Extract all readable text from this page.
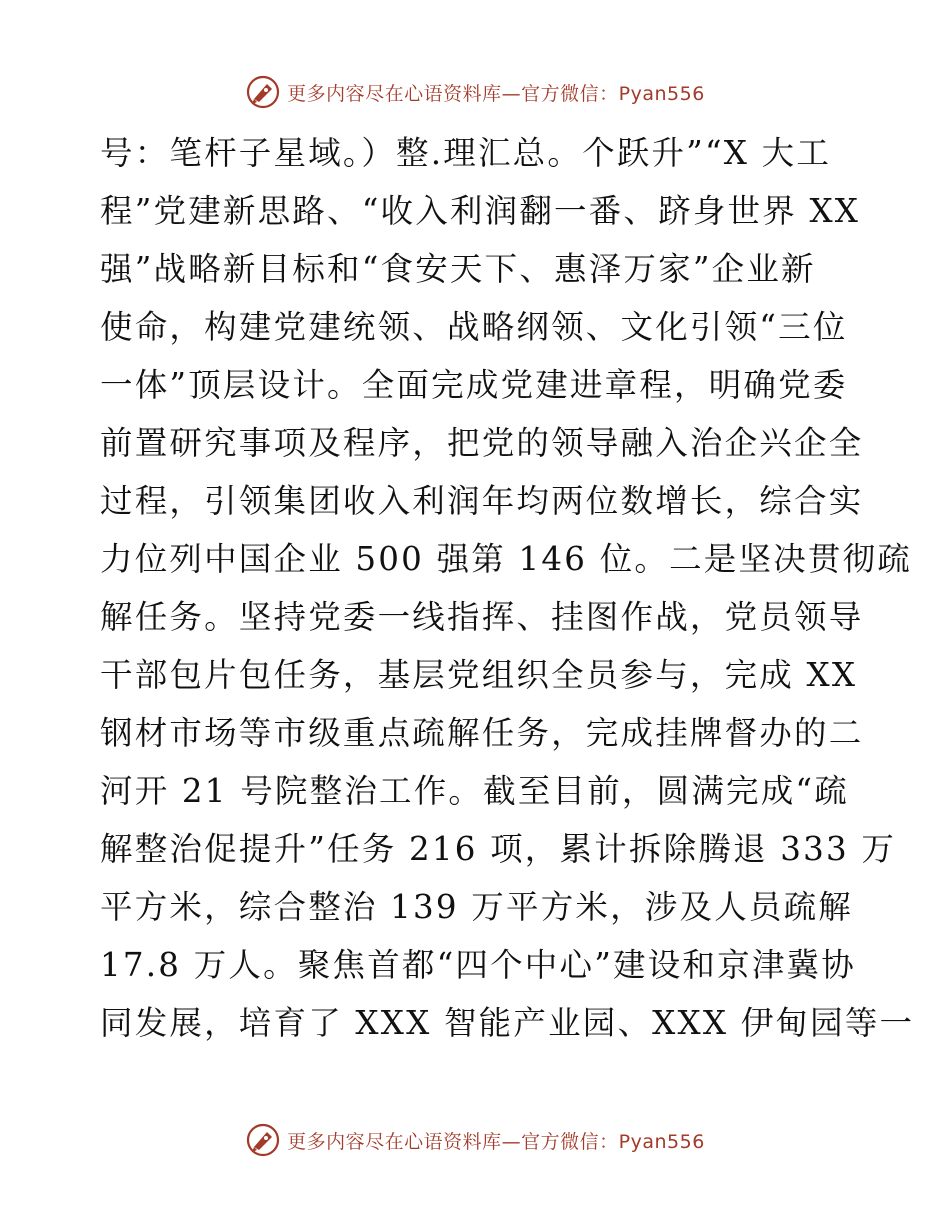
更多内容尽在心语资料库—官方微信：Pyan556
号：笔杆子星域。）整.理汇总。个跃升”“X 大工
程”党建新思路、“收入利润翻一番、跻身世界 XX
强”战略新目标和“食安天下、惠泽万家”企业新
使命，构建党建统领、战略纲领、文化引领“三位
一体”顶层设计。全面完成党建进章程，明确党委
前置研究事项及程序，把党的领导融入治企兴企全
过程，引领集团收入利润年均两位数增长，综合实
力位列中国企业 500 强第 146 位。二是坚决贯彻疏
解任务。坚持党委一线指挥、挂图作战，党员领导
干部包片包任务，基层党组织全员参与，完成 XX
钢材市场等市级重点疏解任务，完成挂牌督办的二
河开 21 号院整治工作。截至目前，圆满完成“疏
解整治促提升”任务 216 项，累计拆除腾退 333 万
平方米，综合整治 139 万平方米，涉及人员疏解
17.8 万人。聚焦首都“四个中心”建设和京津冀协
同发展，培育了 XXX 智能产业园、XXX 伊甸园等一
更多内容尽在心语资料库—官方微信：Pyan556
